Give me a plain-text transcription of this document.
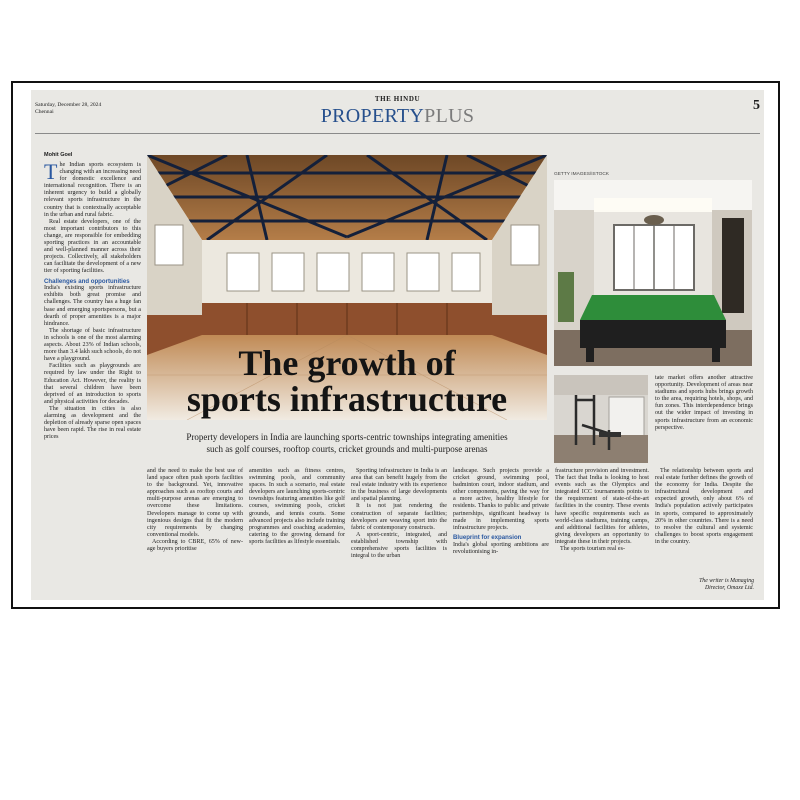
Saturday, December 28, 2024
Chennai
THE HINDU
PROPERTYPLUS	5
Mohit Goel

The Indian sports ecosystem is changing with an increasing need for domestic excellence and international recognition. There is an inherent urgency to build a globally relevant sports infrastructure in the country that is contextually acceptable in the urban and rural fabric.

Real estate developers, one of the most important contributors to this change, are responsible for embedding sporting practices in an accountable and well-planned manner across their projects. Collectively, all stakeholders can facilitate the development of a new tier of sporting facilities.

Challenges and opportunities

India's existing sports infrastructure exhibits both great promise and challenges. The country has a huge fan base and emerging sportspersons, but a dearth of proper amenities is a major hindrance.

The shortage of basic infrastructure in schools is one of the most alarming aspects. About 23% of Indian schools, more than 3.4 lakh such schools, do not have a playground.

Facilities such as playgrounds are required by law under the Right to Education Act. However, the reality is that several children have been deprived of an introduction to sports and physical activities for decades.

The situation in cities is also alarming as development and the depletion of already sparse open spaces have been rapid. The rise in real estate prices

The growth of
sports infrastructure
Property developers in India are launching sports-centric townships integrating amenities
such as golf courses, rooftop courts, cricket grounds and multi-purpose arenas

and the need to make the best use of land space often push sports facilities to the background. Yet, innovative approaches such as rooftop courts and multi-purpose arenas are emerging to overcome these limitations. Developers manage to come up with ingenious designs that fit the modern city requirements by changing conventional models.

According to CBRE, 65% of new-age buyers prioritise

amenities such as fitness centres, swimming pools, and community spaces. In such a scenario, real estate developers are launching sports-centric townships featuring amenities like golf courses, swimming pools, cricket grounds, and tennis courts. Some advanced projects also include training programmes and coaching academies, catering to the growing demand for sports facilities as lifestyle essentials.

Sporting infrastructure in India is an area that can benefit hugely from the real estate industry with its experience in the business of large developments and spatial planning.

It is not just rendering the construction of separate facilities; developers are weaving sport into the fabric of contemporary constructs.

A sport-centric, integrated, and established township with comprehensive sports facilities is integral to the urban

landscape. Such projects provide a cricket ground, swimming pool, badminton court, indoor stadium, and other components, paving the way for a more active, healthy lifestyle for residents. Thanks to public and private partnerships, significant headway is made in implementing sports infrastructure projects.

Blueprint for expansion

India's global sporting ambitions are revolutionising in-

frastructure provision and investment. The fact that India is looking to host events such as the Olympics and integrated ICC tournaments points to the requirement of state-of-the-art facilities in the country. These events have specific requirements such as world-class stadiums, training camps, and additional facilities for athletes, giving developers an opportunity to integrate these in their projects.

The sports tourism real es-

GETTY IMAGES/ISTOCK

tate market offers another attractive opportunity. Development of areas near stadiums and sports hubs brings growth to the area, requiring hotels, shops, and fun zones. This interdependence brings out the wider impact of investing in sports infrastructure from an economic perspective.

The relationship between sports and real estate further defines the growth of the economy for India. Despite the infrastructural development and expected growth, only about 6% of India's population actively participates in sports, compared to approximately 20% in other countries. There is a need to resolve the cultural and systemic challenges to boost sports engagement in the country.

The writer is Managing
Director, Omaxe Ltd.
